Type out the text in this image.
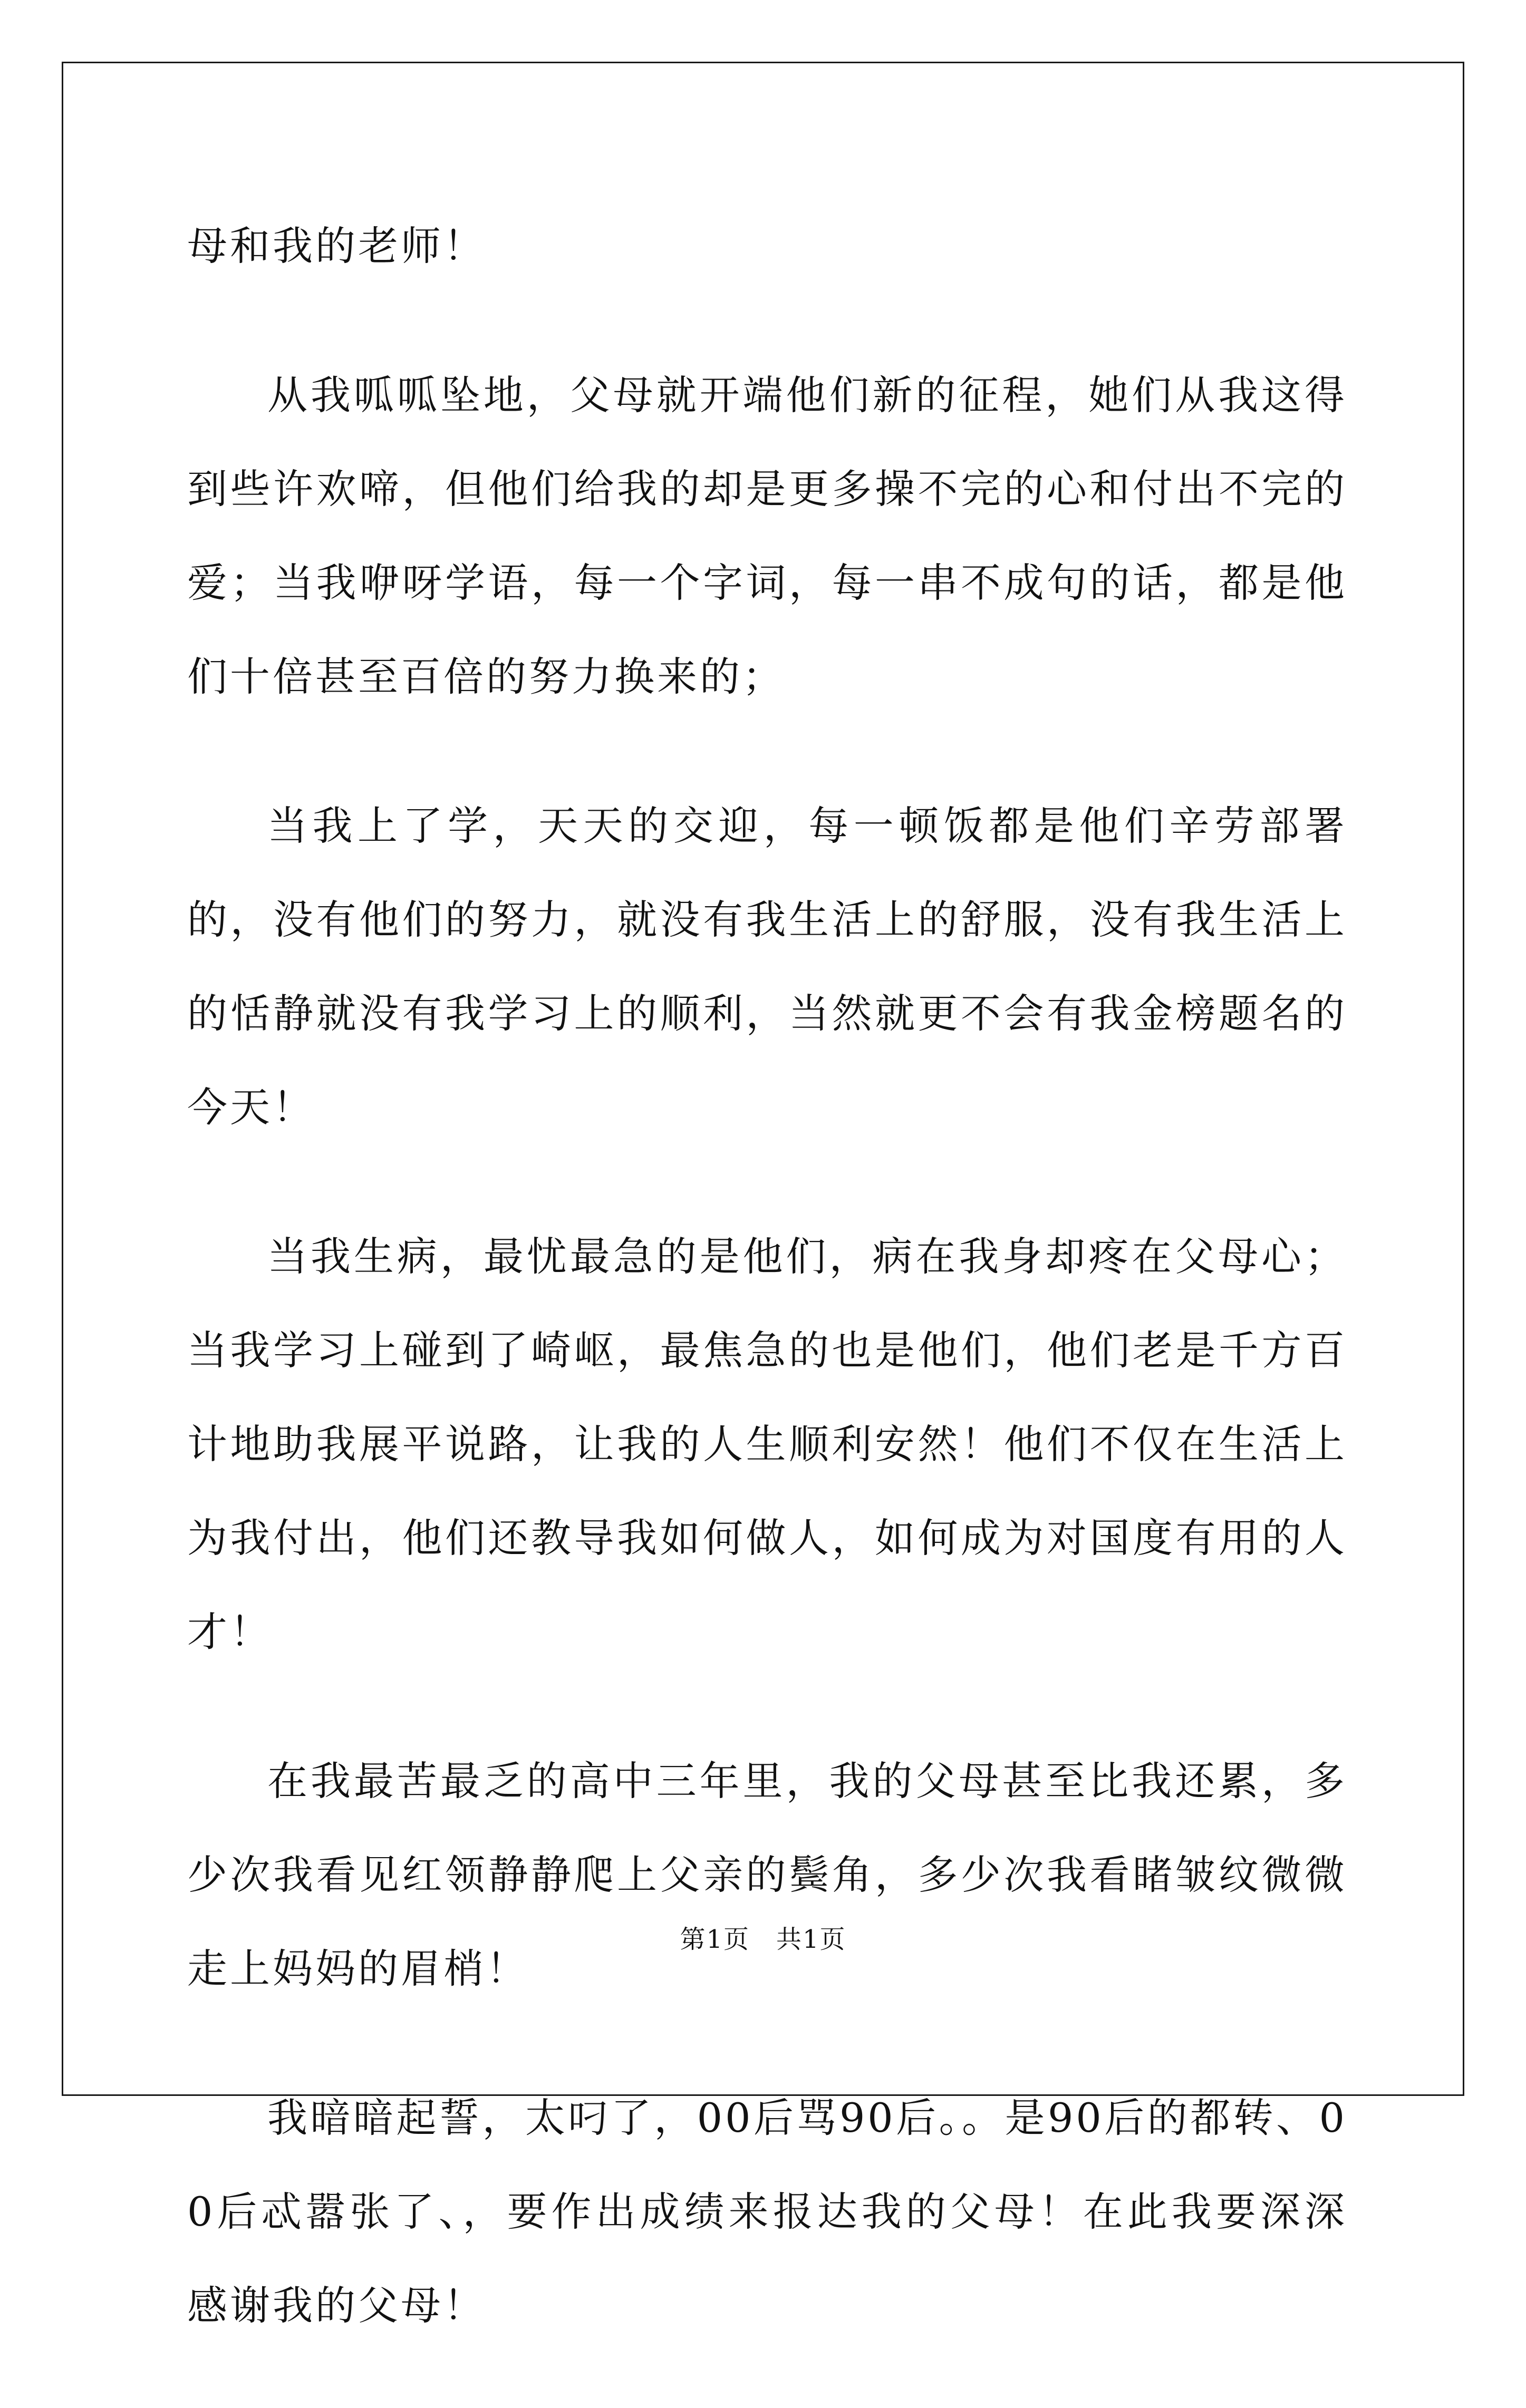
母和我的老师！

从我呱呱坠地，父母就开端他们新的征程，她们从我这得到些许欢啼，但他们给我的却是更多操不完的心和付出不完的爱；当我咿呀学语，每一个字词，每一串不成句的话，都是他们十倍甚至百倍的努力换来的；

当我上了学，天天的交迎，每一顿饭都是他们辛劳部署的，没有他们的努力，就没有我生活上的舒服，没有我生活上的恬静就没有我学习上的顺利，当然就更不会有我金榜题名的今天！

当我生病，最忧最急的是他们，病在我身却疼在父母心；当我学习上碰到了崎岖，最焦急的也是他们，他们老是千方百计地助我展平说路，让我的人生顺利安然！他们不仅在生活上为我付出，他们还教导我如何做人，如何成为对国度有用的人才！

在我最苦最乏的高中三年里，我的父母甚至比我还累，多少次我看见红领静静爬上父亲的鬓角，多少次我看睹皱纹微微走上妈妈的眉梢！

我暗暗起誓，太叼了，00后骂90后。。是90后的都转、00后忒嚣张了、，要作出成绩来报达我的父母！在此我要深深感谢我的父母！

第1页　共1页
